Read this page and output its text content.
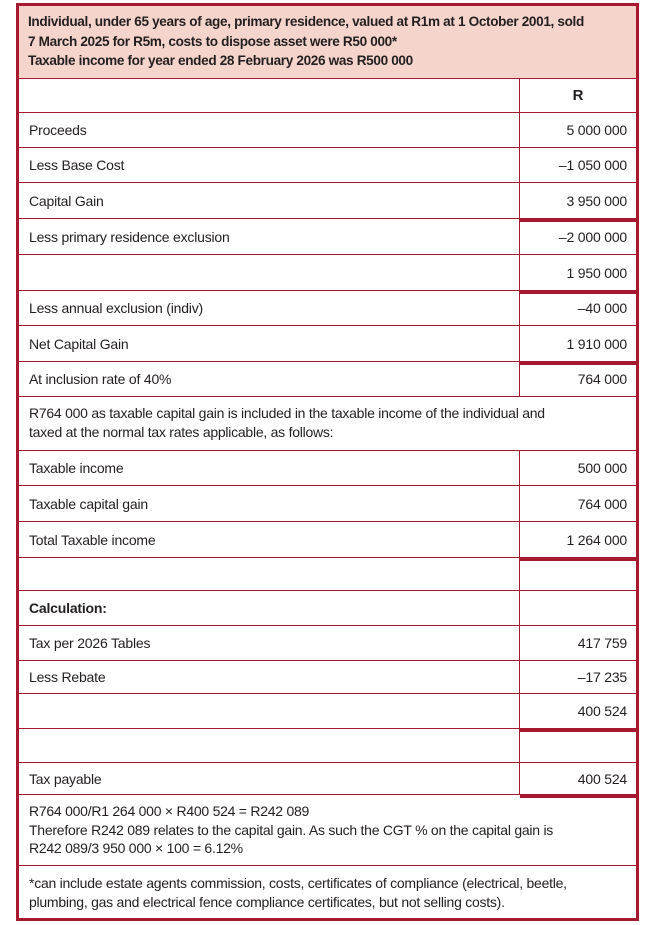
Individual, under 65 years of age, primary residence, valued at R1m at 1 October 2001, sold
7 March 2025 for R5m, costs to dispose asset were R50 000*
Taxable income for year ended 28 February 2026 was R500 000
R
Proceeds	5 000 000
Less Base Cost	–1 050 000
Capital Gain	3 950 000
Less primary residence exclusion	–2 000 000
1 950 000
Less annual exclusion (indiv)	–40 000
Net Capital Gain	1 910 000
At inclusion rate of 40%	764 000
R764 000 as taxable capital gain is included in the taxable income of the individual and
taxed at the normal tax rates applicable, as follows:
Taxable income	500 000
Taxable capital gain	764 000
Total Taxable income	1 264 000
Calculation:
Tax per 2026 Tables	417 759
Less Rebate	–17 235
400 524
Tax payable	400 524
R764 000/R1 264 000 × R400 524 = R242 089
Therefore R242 089 relates to the capital gain. As such the CGT % on the capital gain is
R242 089/3 950 000 × 100 = 6.12%
*can include estate agents commission, costs, certificates of compliance (electrical, beetle,
plumbing, gas and electrical fence compliance certificates, but not selling costs).
